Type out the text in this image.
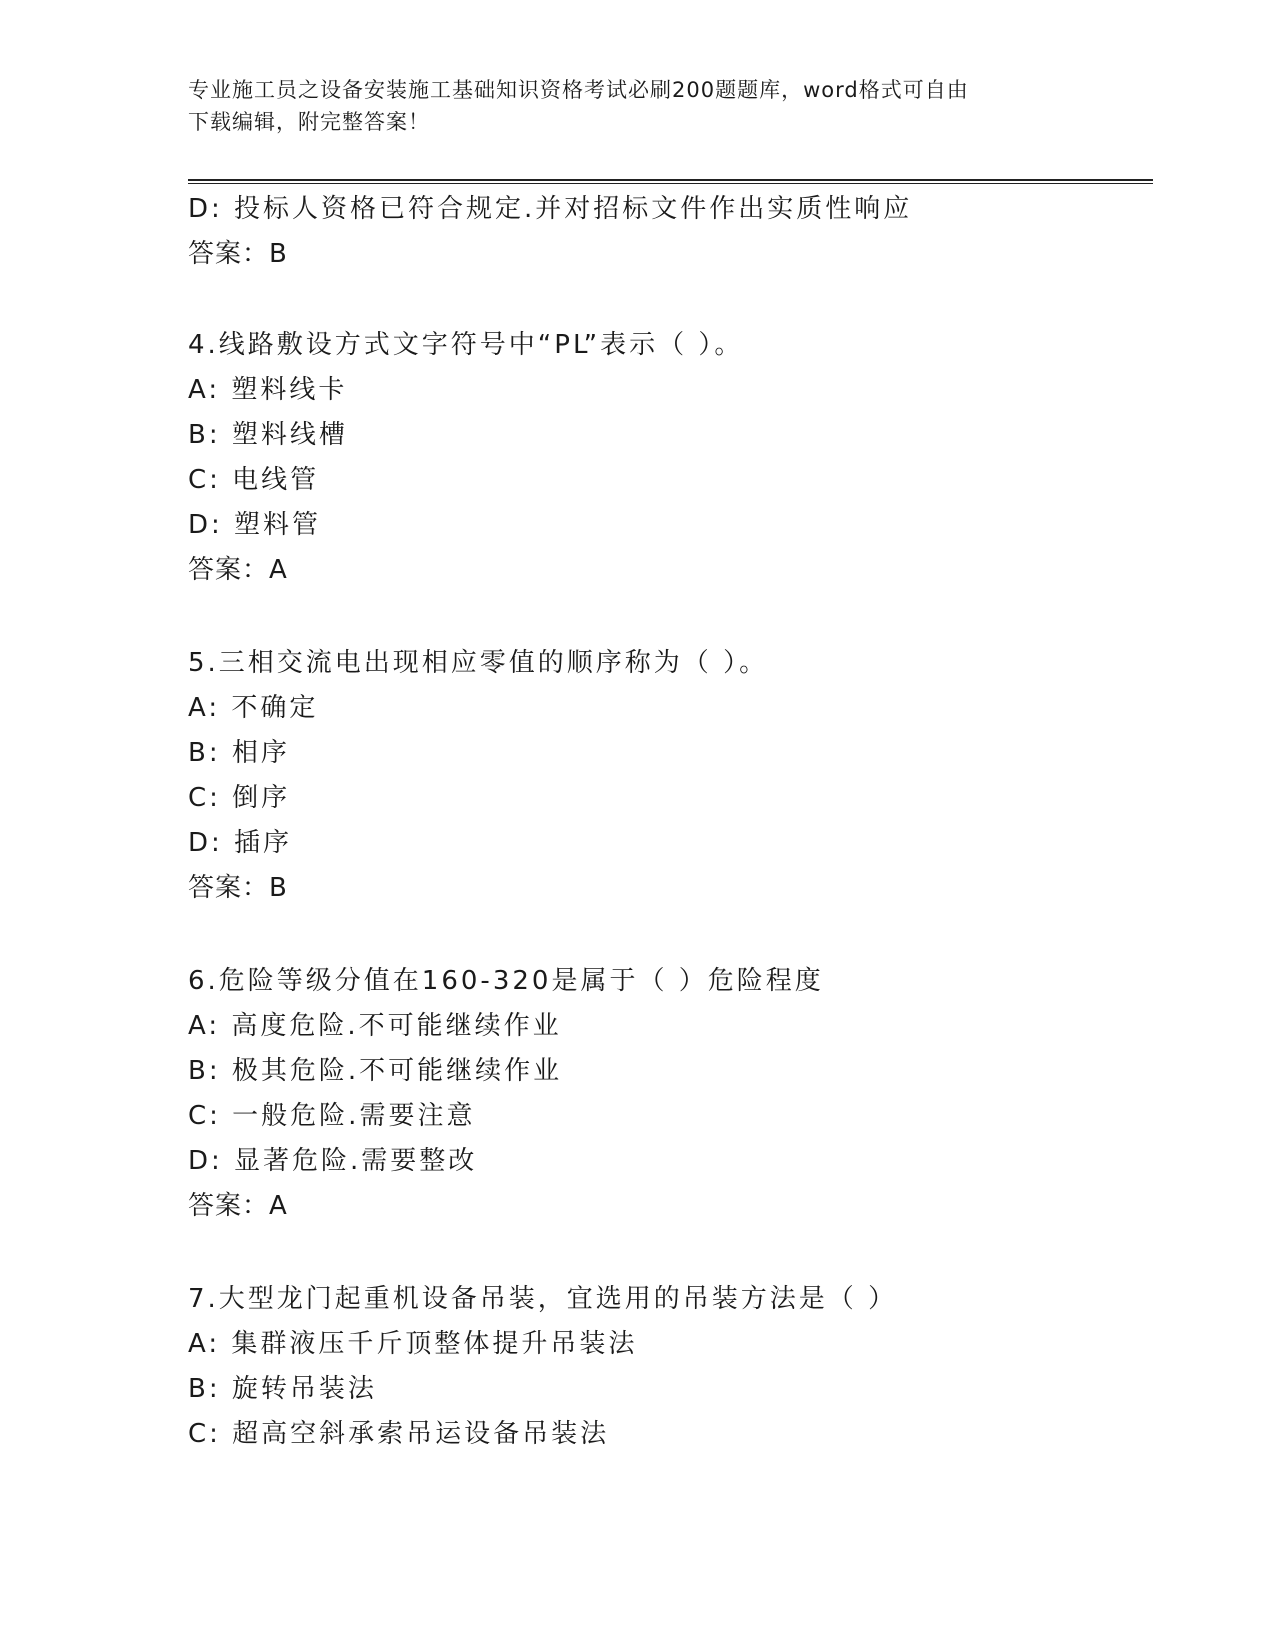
专业施工员之设备安装施工基础知识资格考试必刷200题题库，word格式可自由
下载编辑，附完整答案！
D: 投标人资格已符合规定.并对招标文件作出实质性响应
答案：B
4.线路敷设方式文字符号中“PL”表示（ ）。
A: 塑料线卡
B: 塑料线槽
C: 电线管
D: 塑料管
答案：A
5.三相交流电出现相应零值的顺序称为（ ）。
A: 不确定
B: 相序
C: 倒序
D: 插序
答案：B
6.危险等级分值在160-320是属于（ ）危险程度
A: 高度危险.不可能继续作业
B: 极其危险.不可能继续作业
C: 一般危险.需要注意
D: 显著危险.需要整改
答案：A
7.大型龙门起重机设备吊装，宜选用的吊装方法是（ ）
A: 集群液压千斤顶整体提升吊装法
B: 旋转吊装法
C: 超高空斜承索吊运设备吊装法
